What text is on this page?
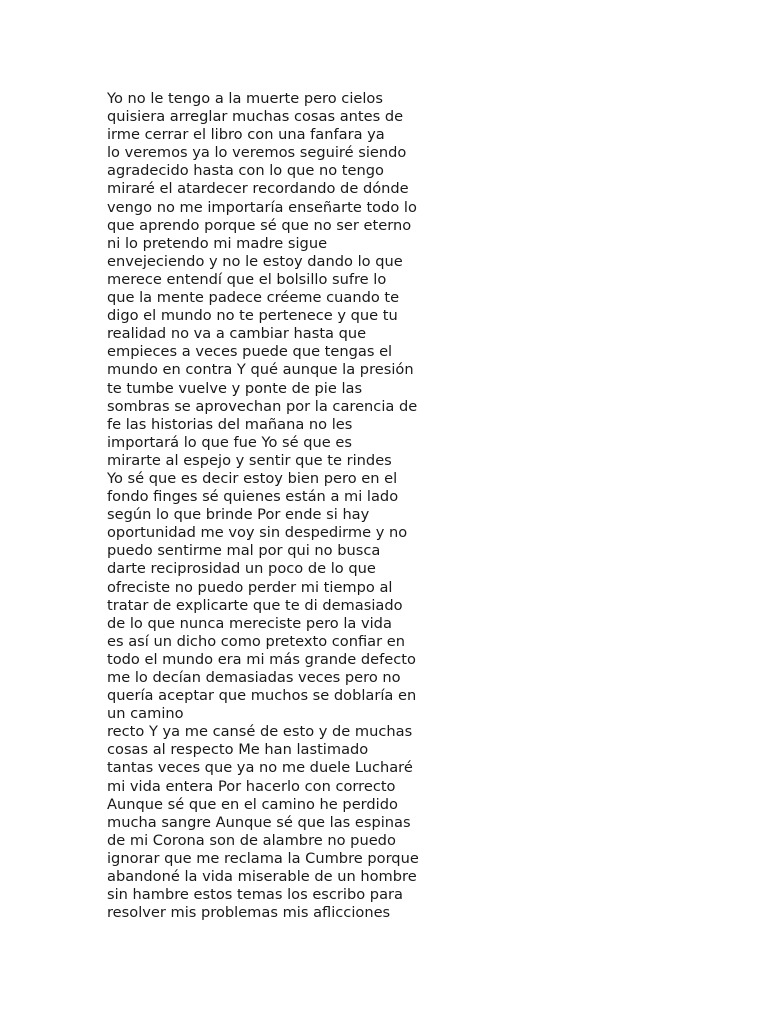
Yo no le tengo a la muerte pero cielos
quisiera arreglar muchas cosas antes de
irme cerrar el libro con una fanfara ya
lo veremos ya lo veremos seguiré siendo
agradecido hasta con lo que no tengo
miraré el atardecer recordando de dónde
vengo no me importaría enseñarte todo lo
que aprendo porque sé que no ser eterno
ni lo pretendo mi madre sigue
envejeciendo y no le estoy dando lo que
merece entendí que el bolsillo sufre lo
que la mente padece créeme cuando te
digo el mundo no te pertenece y que tu
realidad no va a cambiar hasta que
empieces a veces puede que tengas el
mundo en contra Y qué aunque la presión
te tumbe vuelve y ponte de pie las
sombras se aprovechan por la carencia de
fe las historias del mañana no les
importará lo que fue Yo sé que es
mirarte al espejo y sentir que te rindes
Yo sé que es decir estoy bien pero en el
fondo finges sé quienes están a mi lado
según lo que brinde Por ende si hay
oportunidad me voy sin despedirme y no
puedo sentirme mal por qui no busca
darte reciprosidad un poco de lo que
ofreciste no puedo perder mi tiempo al
tratar de explicarte que te di demasiado
de lo que nunca mereciste pero la vida
es así un dicho como pretexto confiar en
todo el mundo era mi más grande defecto
me lo decían demasiadas veces pero no
quería aceptar que muchos se doblaría en
un camino
recto Y ya me cansé de esto y de muchas
cosas al respecto Me han lastimado
tantas veces que ya no me duele Lucharé
mi vida entera Por hacerlo con correcto
Aunque sé que en el camino he perdido
mucha sangre Aunque sé que las espinas
de mi Corona son de alambre no puedo
ignorar que me reclama la Cumbre porque
abandoné la vida miserable de un hombre
sin hambre estos temas los escribo para
resolver mis problemas mis aflicciones
